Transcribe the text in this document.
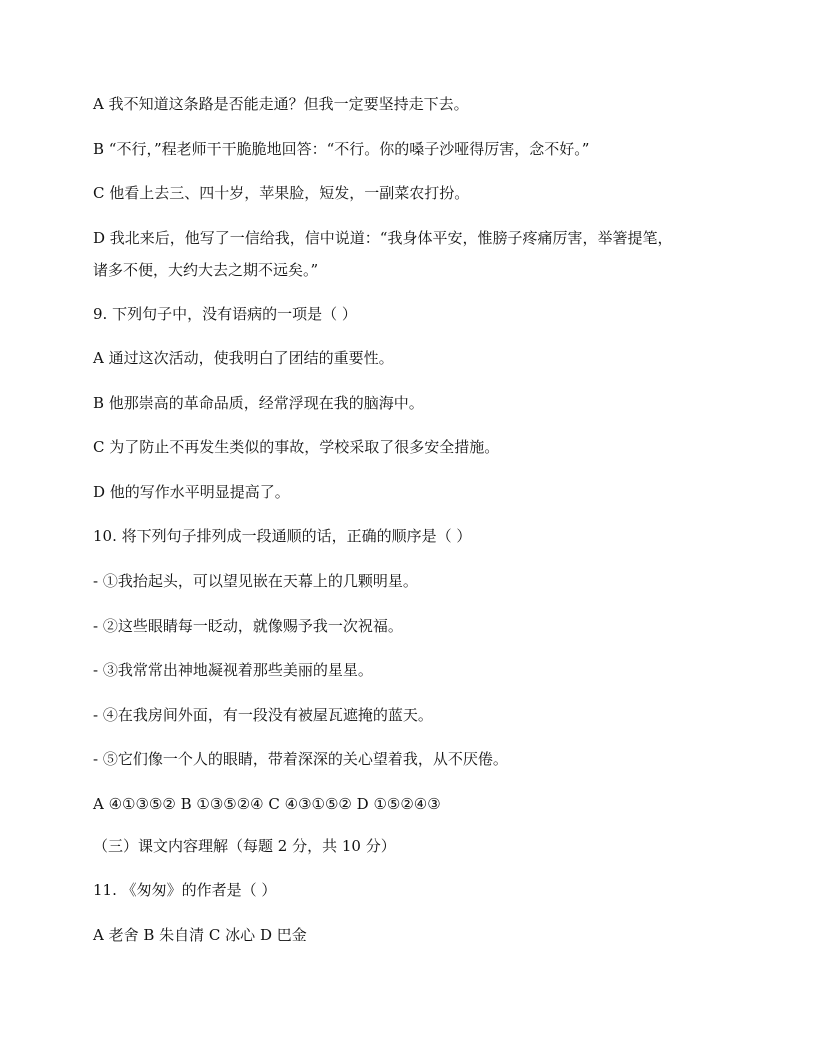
A 我不知道这条路是否能走通？但我一定要坚持走下去。
B “不行，”程老师干干脆脆地回答：“不行。你的嗓子沙哑得厉害，念不好。”
C 他看上去三、四十岁，苹果脸，短发，一副菜农打扮。
D 我北来后，他写了一信给我，信中说道：“我身体平安，惟膀子疼痛厉害，举箸提笔，
诸多不便，大约大去之期不远矣。”
9. 下列句子中，没有语病的一项是（ ）
A 通过这次活动，使我明白了团结的重要性。
B 他那崇高的革命品质，经常浮现在我的脑海中。
C 为了防止不再发生类似的事故，学校采取了很多安全措施。
D 他的写作水平明显提高了。
10. 将下列句子排列成一段通顺的话，正确的顺序是（ ）
- ①我抬起头，可以望见嵌在天幕上的几颗明星。
- ②这些眼睛每一眨动，就像赐予我一次祝福。
- ③我常常出神地凝视着那些美丽的星星。
- ④在我房间外面，有一段没有被屋瓦遮掩的蓝天。
- ⑤它们像一个人的眼睛，带着深深的关心望着我，从不厌倦。
A ④①③⑤② B ①③⑤②④ C ④③①⑤② D ①⑤②④③
（三）课文内容理解（每题 2 分，共 10 分）
11. 《匆匆》的作者是（ ）
A 老舍 B 朱自清 C 冰心 D 巴金
